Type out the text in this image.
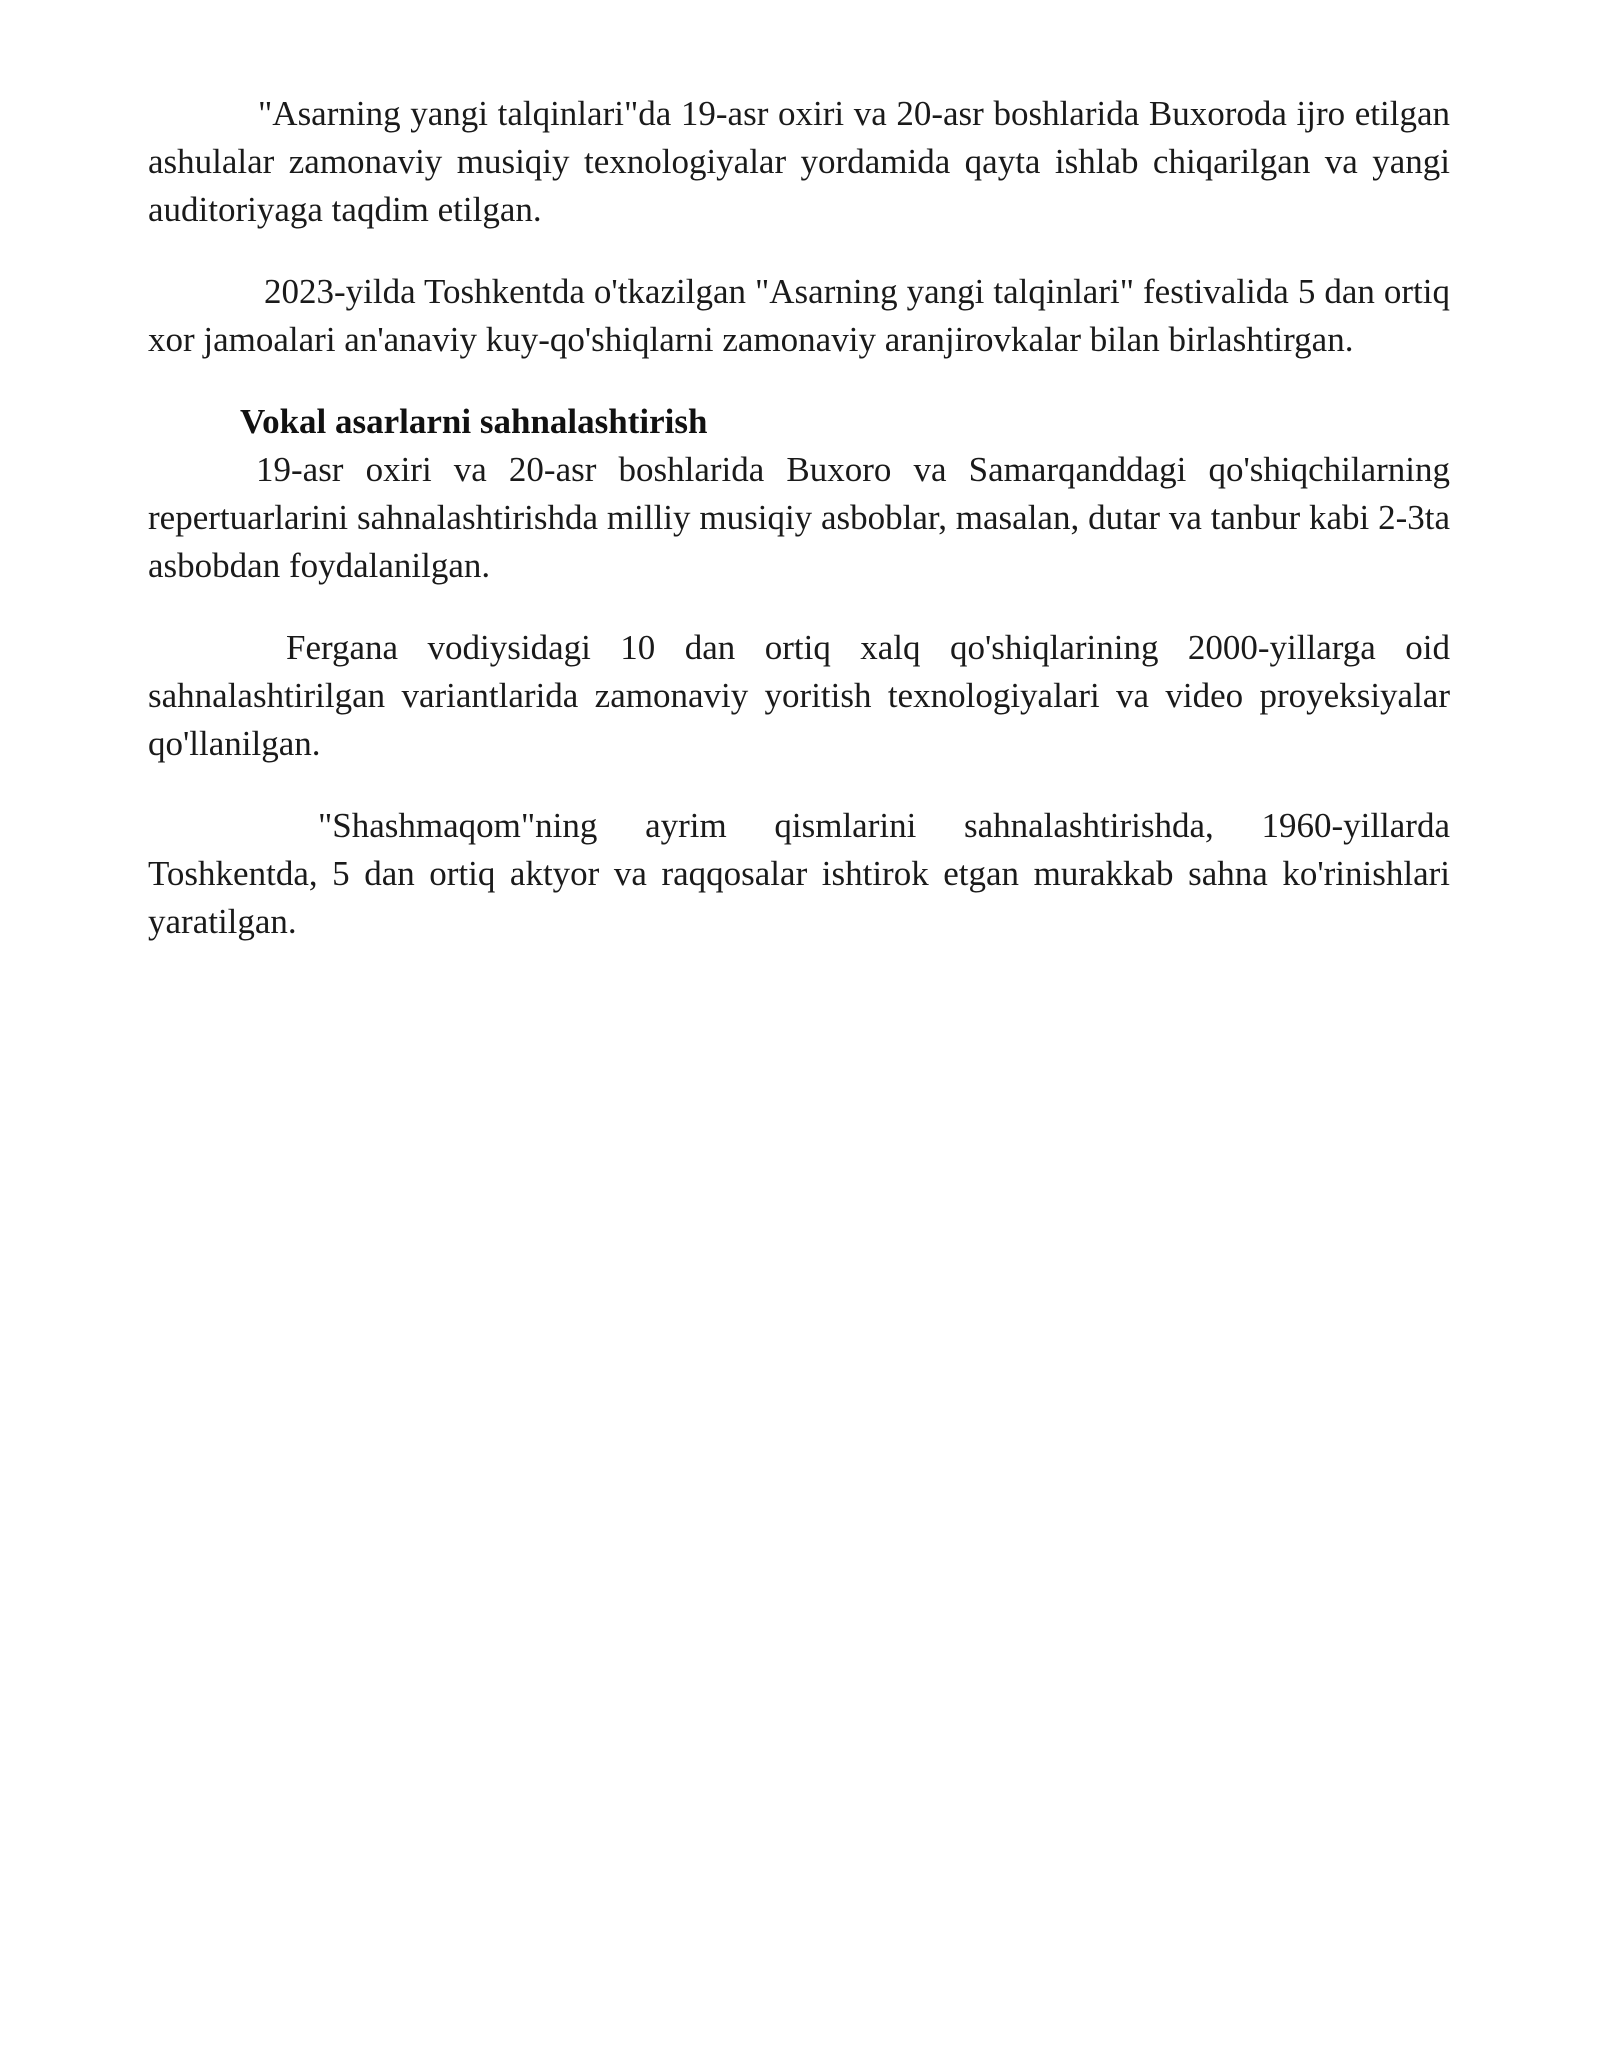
"Asarning yangi talqinlari"da 19-asr oxiri va 20-asr boshlarida Buxoroda ijro etilgan ashulalar zamonaviy musiqiy texnologiyalar yordamida qayta ishlab chiqarilgan va yangi auditoriyaga taqdim etilgan.

2023-yilda Toshkentda o'tkazilgan "Asarning yangi talqinlari" festivalida 5 dan ortiq xor jamoalari an'anaviy kuy-qo'shiqlarni zamonaviy aranjirovkalar bilan birlashtirgan.

Vokal asarlarni sahnalashtirish

19-asr oxiri va 20-asr boshlarida Buxoro va Samarqanddagi qo'shiqchilarning repertuarlarini sahnalashtirishda milliy musiqiy asboblar, masalan, dutar va tanbur kabi 2-3ta asbobdan foydalanilgan.

Fergana vodiysidagi 10 dan ortiq xalq qo'shiqlarining 2000-yillarga oid sahnalashtirilgan variantlarida zamonaviy yoritish texnologiyalari va video proyeksiyalar qo'llanilgan.

"Shashmaqom"ning ayrim qismlarini sahnalashtirishda, 1960-yillarda Toshkentda, 5 dan ortiq aktyor va raqqosalar ishtirok etgan murakkab sahna ko'rinishlari yaratilgan.
